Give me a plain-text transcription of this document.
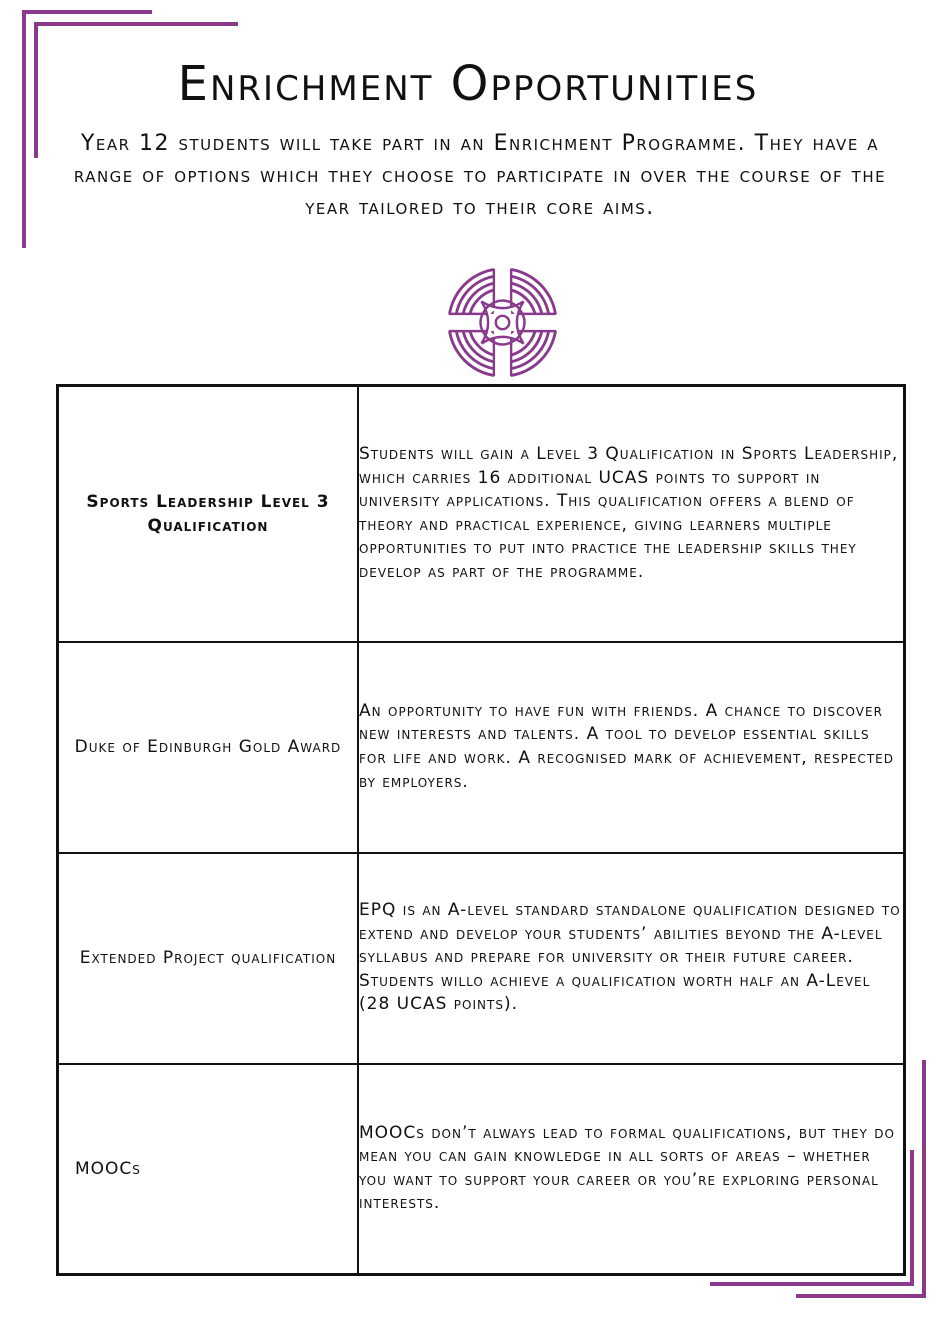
Enrichment Opportunities

Year 12 students will take part in an Enrichment Programme. They have a range of options which they choose to participate in over the course of the year tailored to their core aims.

Sports Leadership Level 3 Qualification	Students will gain a Level 3 Qualification in Sports Leadership, which carries 16 additional UCAS points to support in university applications. This qualification offers a blend of theory and practical experience, giving learners multiple opportunities to put into practice the leadership skills they develop as part of the programme.
Duke of Edinburgh Gold Award	An opportunity to have fun with friends. A chance to discover new interests and talents. A tool to develop essential skills for life and work. A recognised mark of achievement, respected by employers.
Extended Project qualification	EPQ is an A-level standard standalone qualification designed to extend and develop your students’ abilities beyond the A-level syllabus and prepare for university or their future career. Students willo achieve a qualification worth half an A-Level (28 UCAS points).
MOOCs	MOOCs don’t always lead to formal qualifications, but they do mean you can gain knowledge in all sorts of areas – whether you want to support your career or you’re exploring personal interests.
